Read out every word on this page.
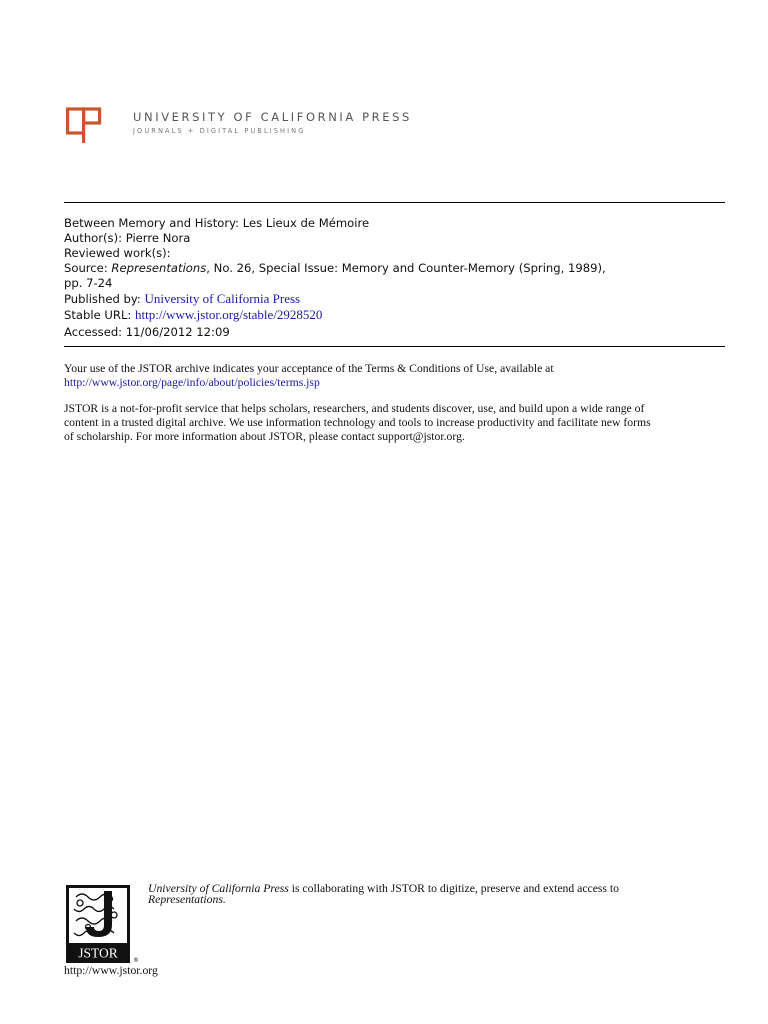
UNIVERSITY OF CALIFORNIA PRESS

JOURNALS + DIGITAL PUBLISHING

Between Memory and History: Les Lieux de Mémoire

Author(s): Pierre Nora

Reviewed work(s):

Source: Representations, No. 26, Special Issue: Memory and Counter-Memory (Spring, 1989),

pp. 7-24

Published by: University of California Press

Stable URL: http://www.jstor.org/stable/2928520

Accessed: 11/06/2012 12:09

Your use of the JSTOR archive indicates your acceptance of the Terms & Conditions of Use, available at
http://www.jstor.org/page/info/about/policies/terms.jsp

JSTOR is a not-for-profit service that helps scholars, researchers, and students discover, use, and build upon a wide range of
content in a trusted digital archive. We use information technology and tools to increase productivity and facilitate new forms
of scholarship. For more information about JSTOR, please contact support@jstor.org.

JSTOR	®

University of California Press is collaborating with JSTOR to digitize, preserve and extend access to
Representations.

http://www.jstor.org
